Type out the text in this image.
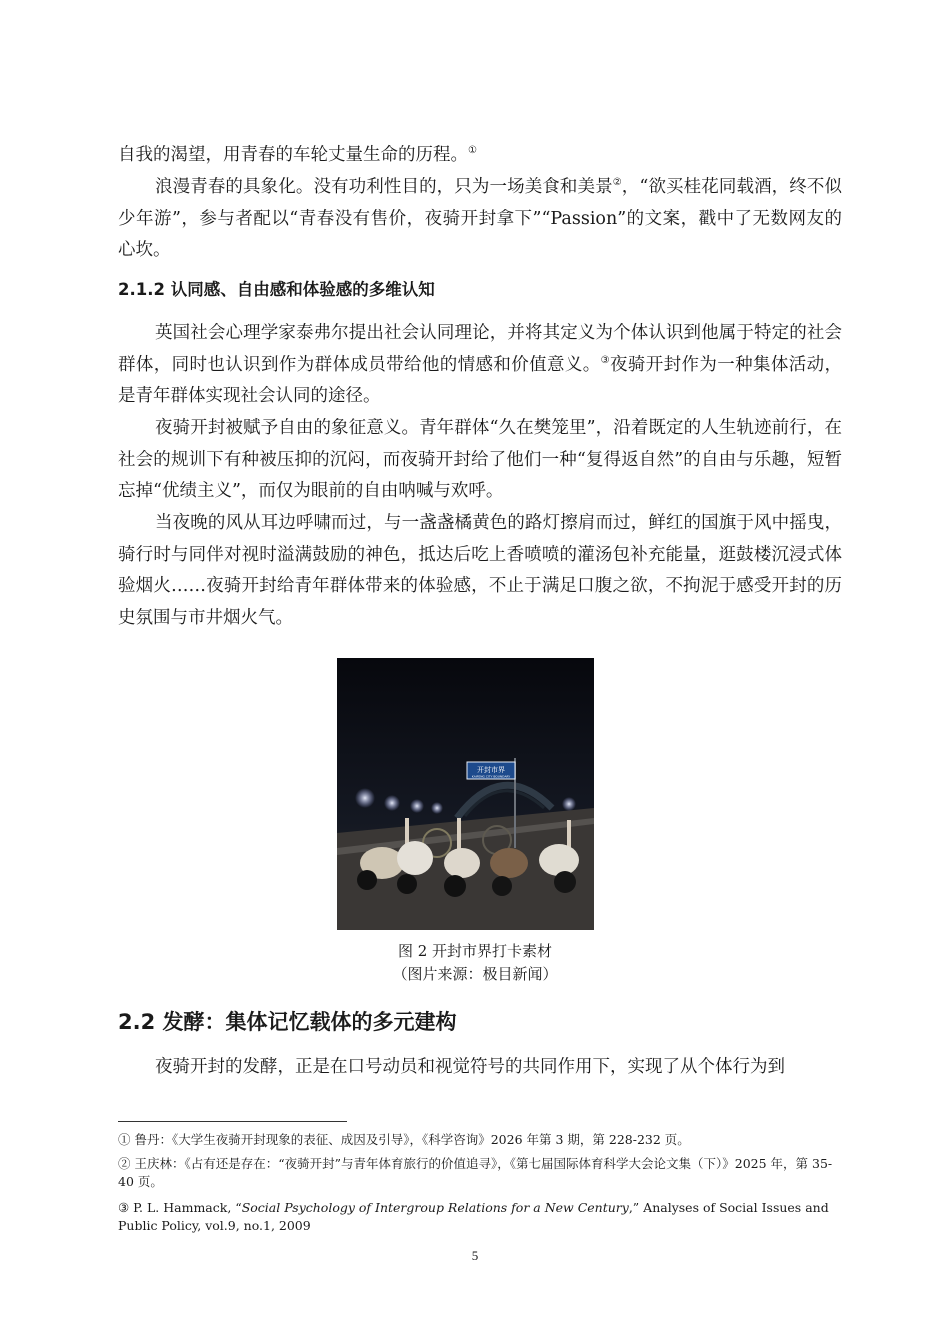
自我的渴望，用青春的车轮丈量生命的历程。①

浪漫青春的具象化。没有功利性目的，只为一场美食和美景②，“欲买桂花同载酒，终不似少年游”，参与者配以“青春没有售价，夜骑开封拿下”“Passion”的文案，戳中了无数网友的心坎。

2.1.2 认同感、自由感和体验感的多维认知

英国社会心理学家泰弗尔提出社会认同理论，并将其定义为个体认识到他属于特定的社会群体，同时也认识到作为群体成员带给他的情感和价值意义。③夜骑开封作为一种集体活动，是青年群体实现社会认同的途径。

夜骑开封被赋予自由的象征意义。青年群体“久在樊笼里”，沿着既定的人生轨迹前行，在社会的规训下有种被压抑的沉闷，而夜骑开封给了他们一种“复得返自然”的自由与乐趣，短暂忘掉“优绩主义”，而仅为眼前的自由呐喊与欢呼。

当夜晚的风从耳边呼啸而过，与一盏盏橘黄色的路灯擦肩而过，鲜红的国旗于风中摇曳，骑行时与同伴对视时溢满鼓励的神色，抵达后吃上香喷喷的灌汤包补充能量，逛鼓楼沉浸式体验烟火……夜骑开封给青年群体带来的体验感，不止于满足口腹之欲，不拘泥于感受开封的历史氛围与市井烟火气。

开封市界
KAIFENG CITY BOUNDARY

图 2 开封市界打卡素材

（图片来源：极目新闻）

2.2 发酵：集体记忆载体的多元建构

夜骑开封的发酵，正是在口号动员和视觉符号的共同作用下，实现了从个体行为到

① 鲁丹：《大学生夜骑开封现象的表征、成因及引导》，《科学咨询》2026 年第 3 期，第 228-232 页。

② 王庆林：《占有还是存在：“夜骑开封”与青年体育旅行的价值追寻》，《第七届国际体育科学大会论文集（下）》2025 年，第 35-40 页。

③ P. L. Hammack, “Social Psychology of Intergroup Relations for a New Century,” Analyses of Social Issues and Public Policy, vol.9, no.1, 2009

5
